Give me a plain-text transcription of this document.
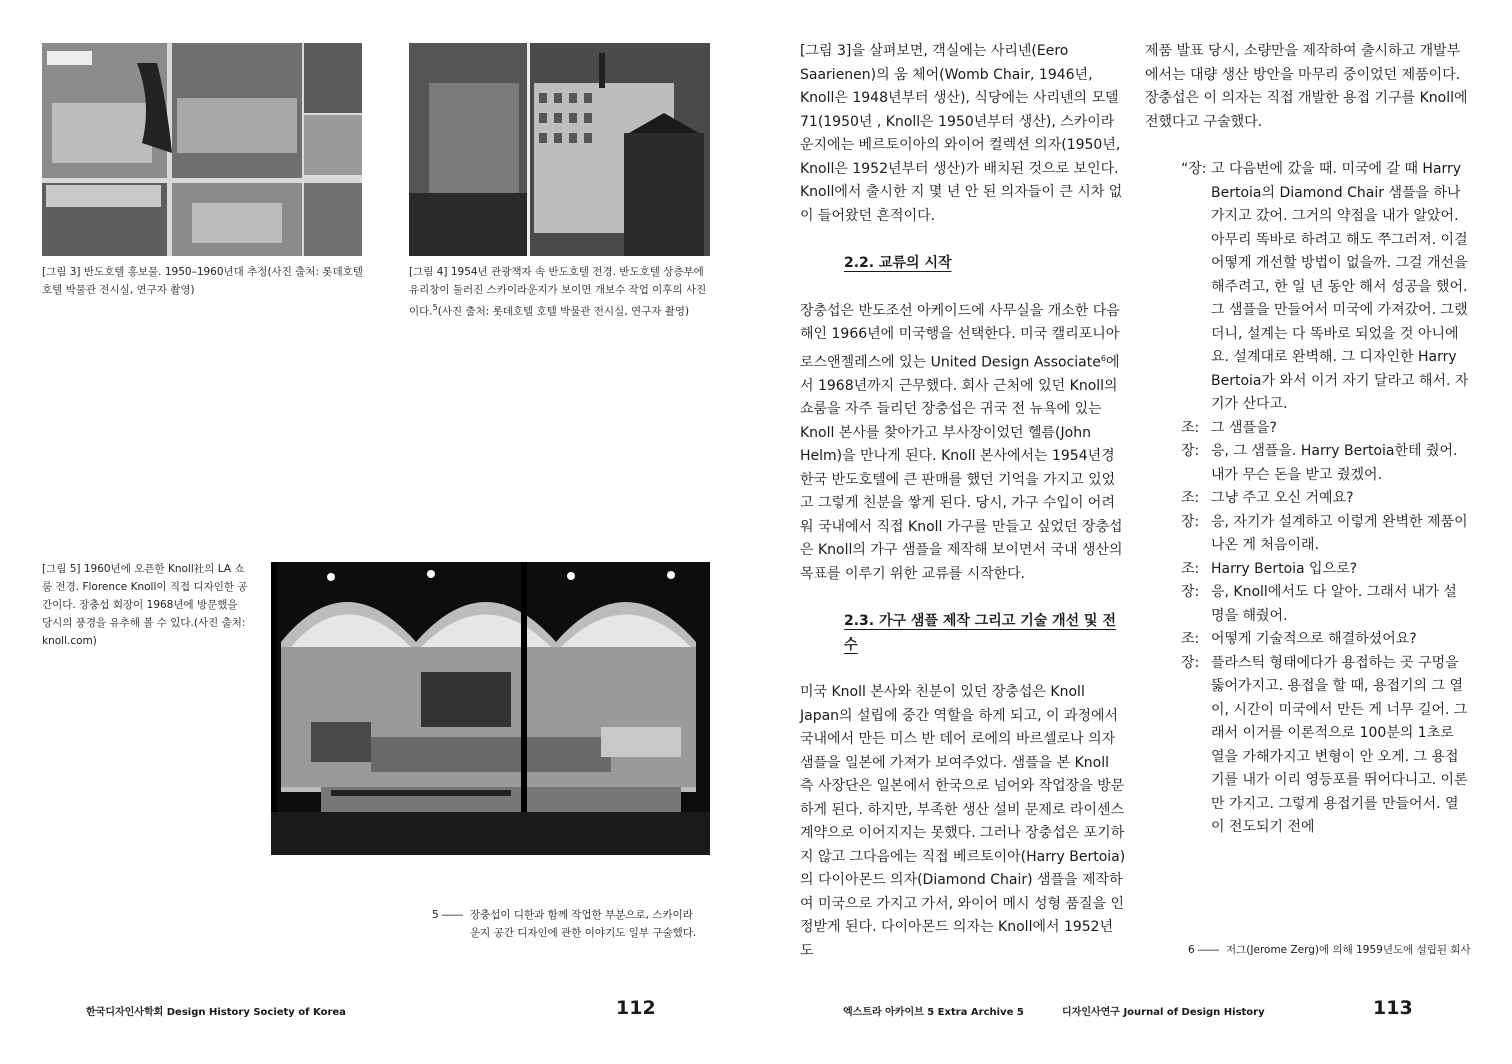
[그림 3] 반도호텔 홍보물. 1950–1960년대 추정(사진 출처: 롯데호텔 호텔 박물관 전시실, 연구자 촬영)
[그림 4] 1954년 관광책자 속 반도호텔 전경. 반도호텔 상층부에 유리창이 둘러진 스카이라운지가 보이면 개보수 작업 이후의 사진이다.$^5$(사진 출처: 롯데호텔 호텔 박물관 전시실, 연구자 촬영)
[그림 5] 1960년에 오픈한 Knoll社의 LA 쇼룸 전경. Florence Knoll이 직접 디자인한 공간이다. 장충섭 회장이 1968년에 방문했을 당시의 풍경을 유추해 볼 수 있다.(사진 출처: knoll.com)
5 ―― 장충섭이 디한과 함께 작업한 부분으로, 스카이라운지 공간 디자인에 관한 이야기도 일부 구술했다.
한국디자인사학회 Design History Society of Korea	112

[그림 3]을 살펴보면, 객실에는 사리넨(Eero Saarienen)의 움 체어(Womb Chair, 1946년, Knoll은 1948년부터 생산), 식당에는 사리넨의 모델 71(1950년 , Knoll은 1950년부터 생산), 스카이라운지에는 베르토이아의 와이어 컬렉션 의자(1950년, Knoll은 1952년부터 생산)가 배치된 것으로 보인다. Knoll에서 출시한 지 몇 년 안 된 의자들이 큰 시차 없이 들어왔던 흔적이다.

2.2. 교류의 시작

장충섭은 반도조선 아케이드에 사무실을 개소한 다음 해인 1966년에 미국행을 선택한다. 미국 캘리포니아 로스앤젤레스에 있는 United Design Associate$^6$에서 1968년까지 근무했다. 회사 근처에 있던 Knoll의 쇼룸을 자주 들리던 장충섭은 귀국 전 뉴욕에 있는 Knoll 본사를 찾아가고 부사장이었던 헬름(John Helm)을 만나게 된다. Knoll 본사에서는 1954년경 한국 반도호텔에 큰 판매를 했던 기억을 가지고 있었고 그렇게 친분을 쌓게 된다. 당시, 가구 수입이 어려워 국내에서 직접 Knoll 가구를 만들고 싶었던 장충섭은 Knoll의 가구 샘플을 제작해 보이면서 국내 생산의 목표를 이루기 위한 교류를 시작한다.

2.3. 가구 샘플 제작 그리고 기술 개선 및 전수

미국 Knoll 본사와 친분이 있던 장충섭은 Knoll Japan의 설립에 중간 역할을 하게 되고, 이 과정에서 국내에서 만든 미스 반 데어 로에의 바르셀로나 의자 샘플을 일본에 가져가 보여주었다. 샘플을 본 Knoll 측 사장단은 일본에서 한국으로 넘어와 작업장을 방문하게 된다. 하지만, 부족한 생산 설비 문제로 라이센스 계약으로 이어지지는 못했다. 그러나 장충섭은 포기하지 않고 그다음에는 직접 베르토이아(Harry Bertoia)의 다이아몬드 의자(Diamond Chair) 샘플을 제작하여 미국으로 가지고 가서, 와이어 메시 성형 품질을 인정받게 된다. 다이아몬드 의자는 Knoll에서 1952년도

제품 발표 당시, 소량만을 제작하여 출시하고 개발부에서는 대량 생산 방안을 마무리 중이었던 제품이다. 장충섭은 이 의자는 직접 개발한 용접 기구를 Knoll에 전했다고 구술했다.

“장: 고 다음번에 갔을 때. 미국에 갈 때 Harry Bertoia의 Diamond Chair 샘플을 하나 가지고 갔어. 그거의 약점을 내가 알았어. 아무리 똑바로 하려고 해도 쭈그러져. 이걸 어떻게 개선할 방법이 없을까. 그걸 개선을 해주려고, 한 일 년 동안 해서 성공을 했어. 그 샘플을 만들어서 미국에 가져갔어. 그랬더니, 설계는 다 똑바로 되었을 것 아니에요. 설계대로 완벽해. 그 디자인한 Harry Bertoia가 와서 이거 자기 달라고 해서. 자기가 산다고.
조: 그 샘플을?
장: 응, 그 샘플을. Harry Bertoia한테 줬어. 내가 무슨 돈을 받고 줬겠어.
조: 그냥 주고 오신 거예요?
장: 응, 자기가 설계하고 이렇게 완벽한 제품이 나온 게 처음이래.
조: Harry Bertoia 입으로?
장: 응, Knoll에서도 다 알아. 그래서 내가 설명을 해줬어.
조: 어떻게 기술적으로 해결하셨어요?
장: 플라스틱 형태에다가 용접하는 곳 구멍을 뚫어가지고. 용접을 할 때, 용접기의 그 열이, 시간이 미국에서 만든 게 너무 길어. 그래서 이거를 이론적으로 100분의 1초로 열을 가해가지고 변형이 안 오게. 그 용접기를 내가 이리 영등포를 뛰어다니고. 이론만 가지고. 그렇게 용접기를 만들어서. 열이 전도되기 전에
6 ―― 저그(Jerome Zerg)에 의해 1959년도에 설립된 회사
엑스트라 아카이브 5 Extra Archive 5	디자인사연구 Journal of Design History	113
